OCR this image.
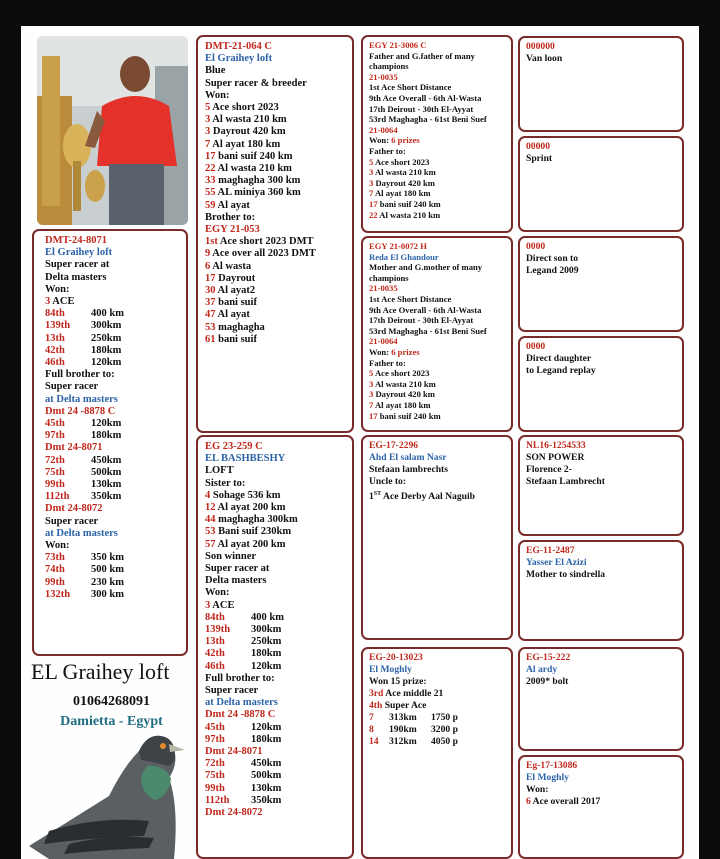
DMT-24-8071
El Graihey loft
Super racer at
Delta masters
Won:
3 ACE
84th 400 km
139th 300km
13th 250km
42th 180km
46th 120km
Full brother to:
Super racer
at Delta masters
Dmt 24 -8878 C
45th 120km
97th 180km
Dmt 24-8071
72th 450km
75th 500km
99th 130km
112th 350km
Dmt 24-8072
Super racer
at Delta masters
Won:
73th 350 km
74th 500 km
99th 230 km
132th 300 km
EL Graihey loft
01064268091
Damietta - Egypt
DMT-21-064 C
El Graihey loft
Blue
Super racer & breeder
Won:
5 Ace short 2023
3 Al wasta 210 km
3 Dayrout 420 km
7 Al ayat 180 km
17 bani suif 240 km
22 Al wasta 210 km
33 maghagha 300 km
55 AL miniya 360 km
59 Al ayat
Brother to:
EGY 21-053
1st Ace short 2023 DMT
9 Ace over all 2023 DMT
6 Al wasta
17 Dayrout
30 Al ayat2
37 bani suif
47 Al ayat
53 maghagha
61 bani suif
EG 23-259 C
EL BASHBESHY
LOFT
Sister to:
4 Sohage 536 km
12 Al ayat 200 km
44 maghagha 300km
53 Bani suif 230km
57 Al ayat 200 km
Son winner
Super racer at
Delta masters
Won:
3 ACE
84th 400 km
139th 300km
13th 250km
42th 180km
46th 120km
Full brother to:
Super racer
at Delta masters
Dmt 24 -8878 C
45th 120km
97th 180km
Dmt 24-8071
72th 450km
75th 500km
99th 130km
112th 350km
Dmt 24-8072
EGY 21-3006 C
Father and G.father of many
champions
21-0035
1st Ace Short Distance
9th Ace Overall - 6th Al-Wasta
17th Deirout - 30th El-Ayyat
53rd Maghagha - 61st Beni Suef
21-0064
Won: 6 prizes
Father to:
5 Ace short 2023
3 Al wasta 210 km
3 Dayrout 420 km
7 Al ayat 180 km
17 bani suif 240 km
22 Al wasta 210 km
EGY 21-0072 H
Reda El Ghandour
Mother and G.mother of many
champions
21-0035
1st Ace Short Distance
9th Ace Overall - 6th Al-Wasta
17th Deirout - 30th El-Ayyat
53rd Maghagha - 61st Beni Suef
21-0064
Won: 6 prizes
Father to:
5 Ace short 2023
3 Al wasta 210 km
3 Dayrout 420 km
7 Al ayat 180 km
17 bani suif 240 km
EG-17-2296
Ahd El salam Nasr
Stefaan lambrechts
Uncle to:
1ST Ace Derby Aal Naguib
EG-20-13023
El Moghly
Won 15 prize:
3rd Ace middle 21
4th Super Ace
7 313km 1750 p
8 190km 3200 p
14 312km 4050 p
000000
Van loon
00000
Sprint
0000
Direct son to
Legand 2009
0000
Direct daughter
to Legand replay
NL16-1254533
SON POWER
Florence 2-
Stefaan Lambrecht
EG-11-2487
Yasser El Azizi
Mother to sindrella
EG-15-222
Al ardy
2009* bolt
Eg-17-13086
El Moghly
Won:
6 Ace overall 2017
